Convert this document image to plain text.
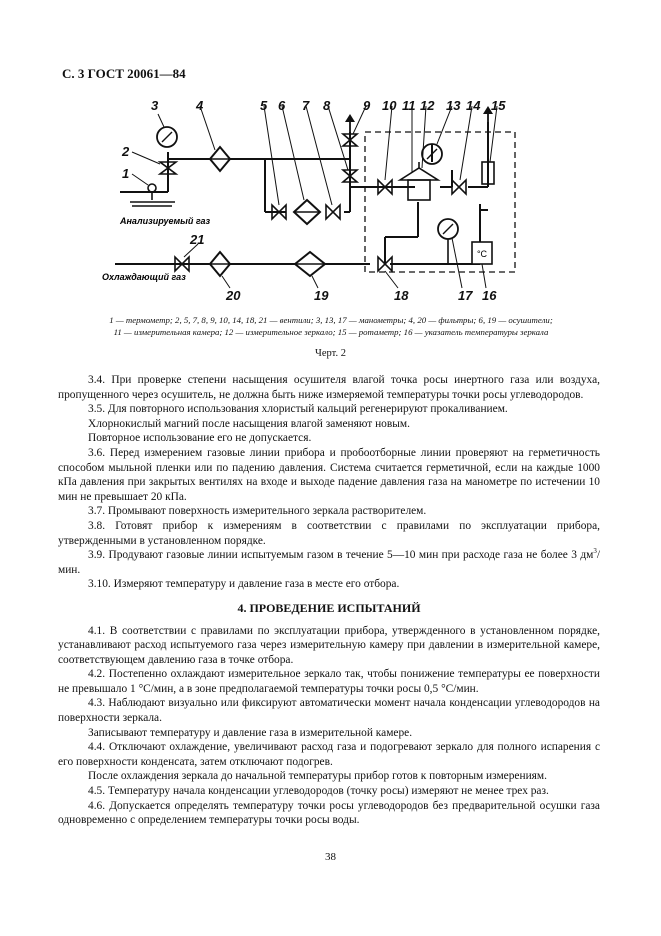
С. 3 ГОСТ 20061—84
°С
Анализируемый газ
Охлаждающий газ
3	4	5 6 7 8	9 10 11 12 13 14 15
2
1
21
20	19	18	17 16
1 — термометр; 2, 5, 7, 8, 9, 10, 14, 18, 21 — вентили; 3, 13, 17 — манометры; 4, 20 — фильтры; 6, 19 — осушители;
11 — измерительная камера; 12 — измерительное зеркало; 15 — ротаметр; 16 — указатель температуры зеркала
Черт. 2

3.4. При проверке степени насыщения осушителя влагой точка росы инертного газа или воздуха, пропущенного через осушитель, не должна быть ниже измеряемой температуры точки росы углеводородов.

3.5. Для повторного использования хлористый кальций регенерируют прокаливанием.

Хлорнокислый магний после насыщения влагой заменяют новым.

Повторное использование его не допускается.

3.6. Перед измерением газовые линии прибора и пробоотборные линии проверяют на герметичность способом мыльной пленки или по падению давления. Система считается герметичной, если на каждые 1000 кПа давления при закрытых вентилях на входе и выходе падение давления газа на манометре по истечении 10 мин не превышает 20 кПа.

3.7. Промывают поверхность измерительного зеркала растворителем.

3.8. Готовят прибор к измерениям в соответствии с правилами по эксплуатации прибора, утвержденными в установленном порядке.

3.9. Продувают газовые линии испытуемым газом в течение 5—10 мин при расходе газа не более 3 $дм^3$/мин.

3.10. Измеряют температуру и давление газа в месте его отбора.

4. ПРОВЕДЕНИЕ ИСПЫТАНИЙ

4.1. В соответствии с правилами по эксплуатации прибора, утвержденного в установленном порядке, устанавливают расход испытуемого газа через измерительную камеру при давлении в измерительной камере, соответствующем давлению газа в точке отбора.

4.2. Постепенно охлаждают измерительное зеркало так, чтобы понижение температуры ее поверхности не превышало 1 °С/мин, а в зоне предполагаемой температуры точки росы 0,5 °С/мин.

4.3. Наблюдают визуально или фиксируют автоматически момент начала конденсации углеводородов на поверхности зеркала.

Записывают температуру и давление газа в измерительной камере.

4.4. Отключают охлаждение, увеличивают расход газа и подогревают зеркало для полного испарения с его поверхности конденсата, затем отключают подогрев.

После охлаждения зеркала до начальной температуры прибор готов к повторным измерениям.

4.5. Температуру начала конденсации углеводородов (точку росы) измеряют не менее трех раз.

4.6. Допускается определять температуру точки росы углеводородов без предварительной осушки газа одновременно с определением температуры точки росы воды.

38
